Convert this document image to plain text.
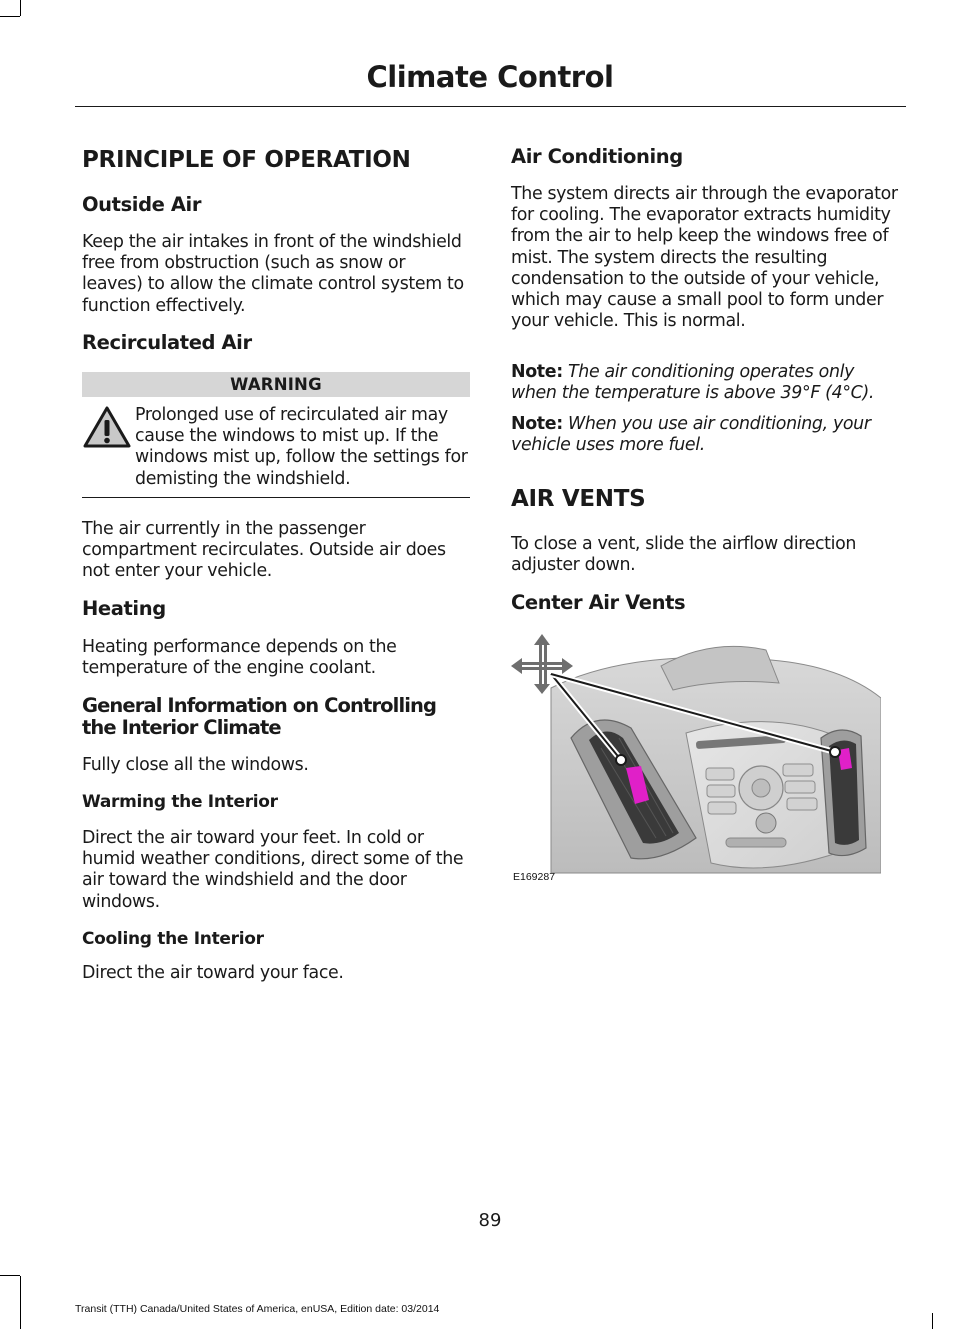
Climate Control
PRINCIPLE OF OPERATION
Outside Air
Keep the air intakes in front of the windshield free from obstruction (such as snow or leaves) to allow the climate control system to function effectively.
Recirculated Air
WARNING
Prolonged use of recirculated air may cause the windows to mist up. If the windows mist up, follow the settings for demisting the windshield.
The air currently in the passenger compartment recirculates. Outside air does not enter your vehicle.
Heating
Heating performance depends on the temperature of the engine coolant.
General Information on Controlling the Interior Climate
Fully close all the windows.
Warming the Interior
Direct the air toward your feet. In cold or humid weather conditions, direct some of the air toward the windshield and the door windows.
Cooling the Interior
Direct the air toward your face.
Air Conditioning
The system directs air through the evaporator for cooling. The evaporator extracts humidity from the air to help keep the windows free of mist. The system directs the resulting condensation to the outside of your vehicle, which may cause a small pool to form under your vehicle. This is normal.
Note: The air conditioning operates only when the temperature is above 39°F (4°C).
Note: When you use air conditioning, your vehicle uses more fuel.
AIR VENTS
To close a vent, slide the airflow direction adjuster down.
Center Air Vents
E169287
89
Transit (TTH) Canada/United States of America, enUSA, Edition date: 03/2014
